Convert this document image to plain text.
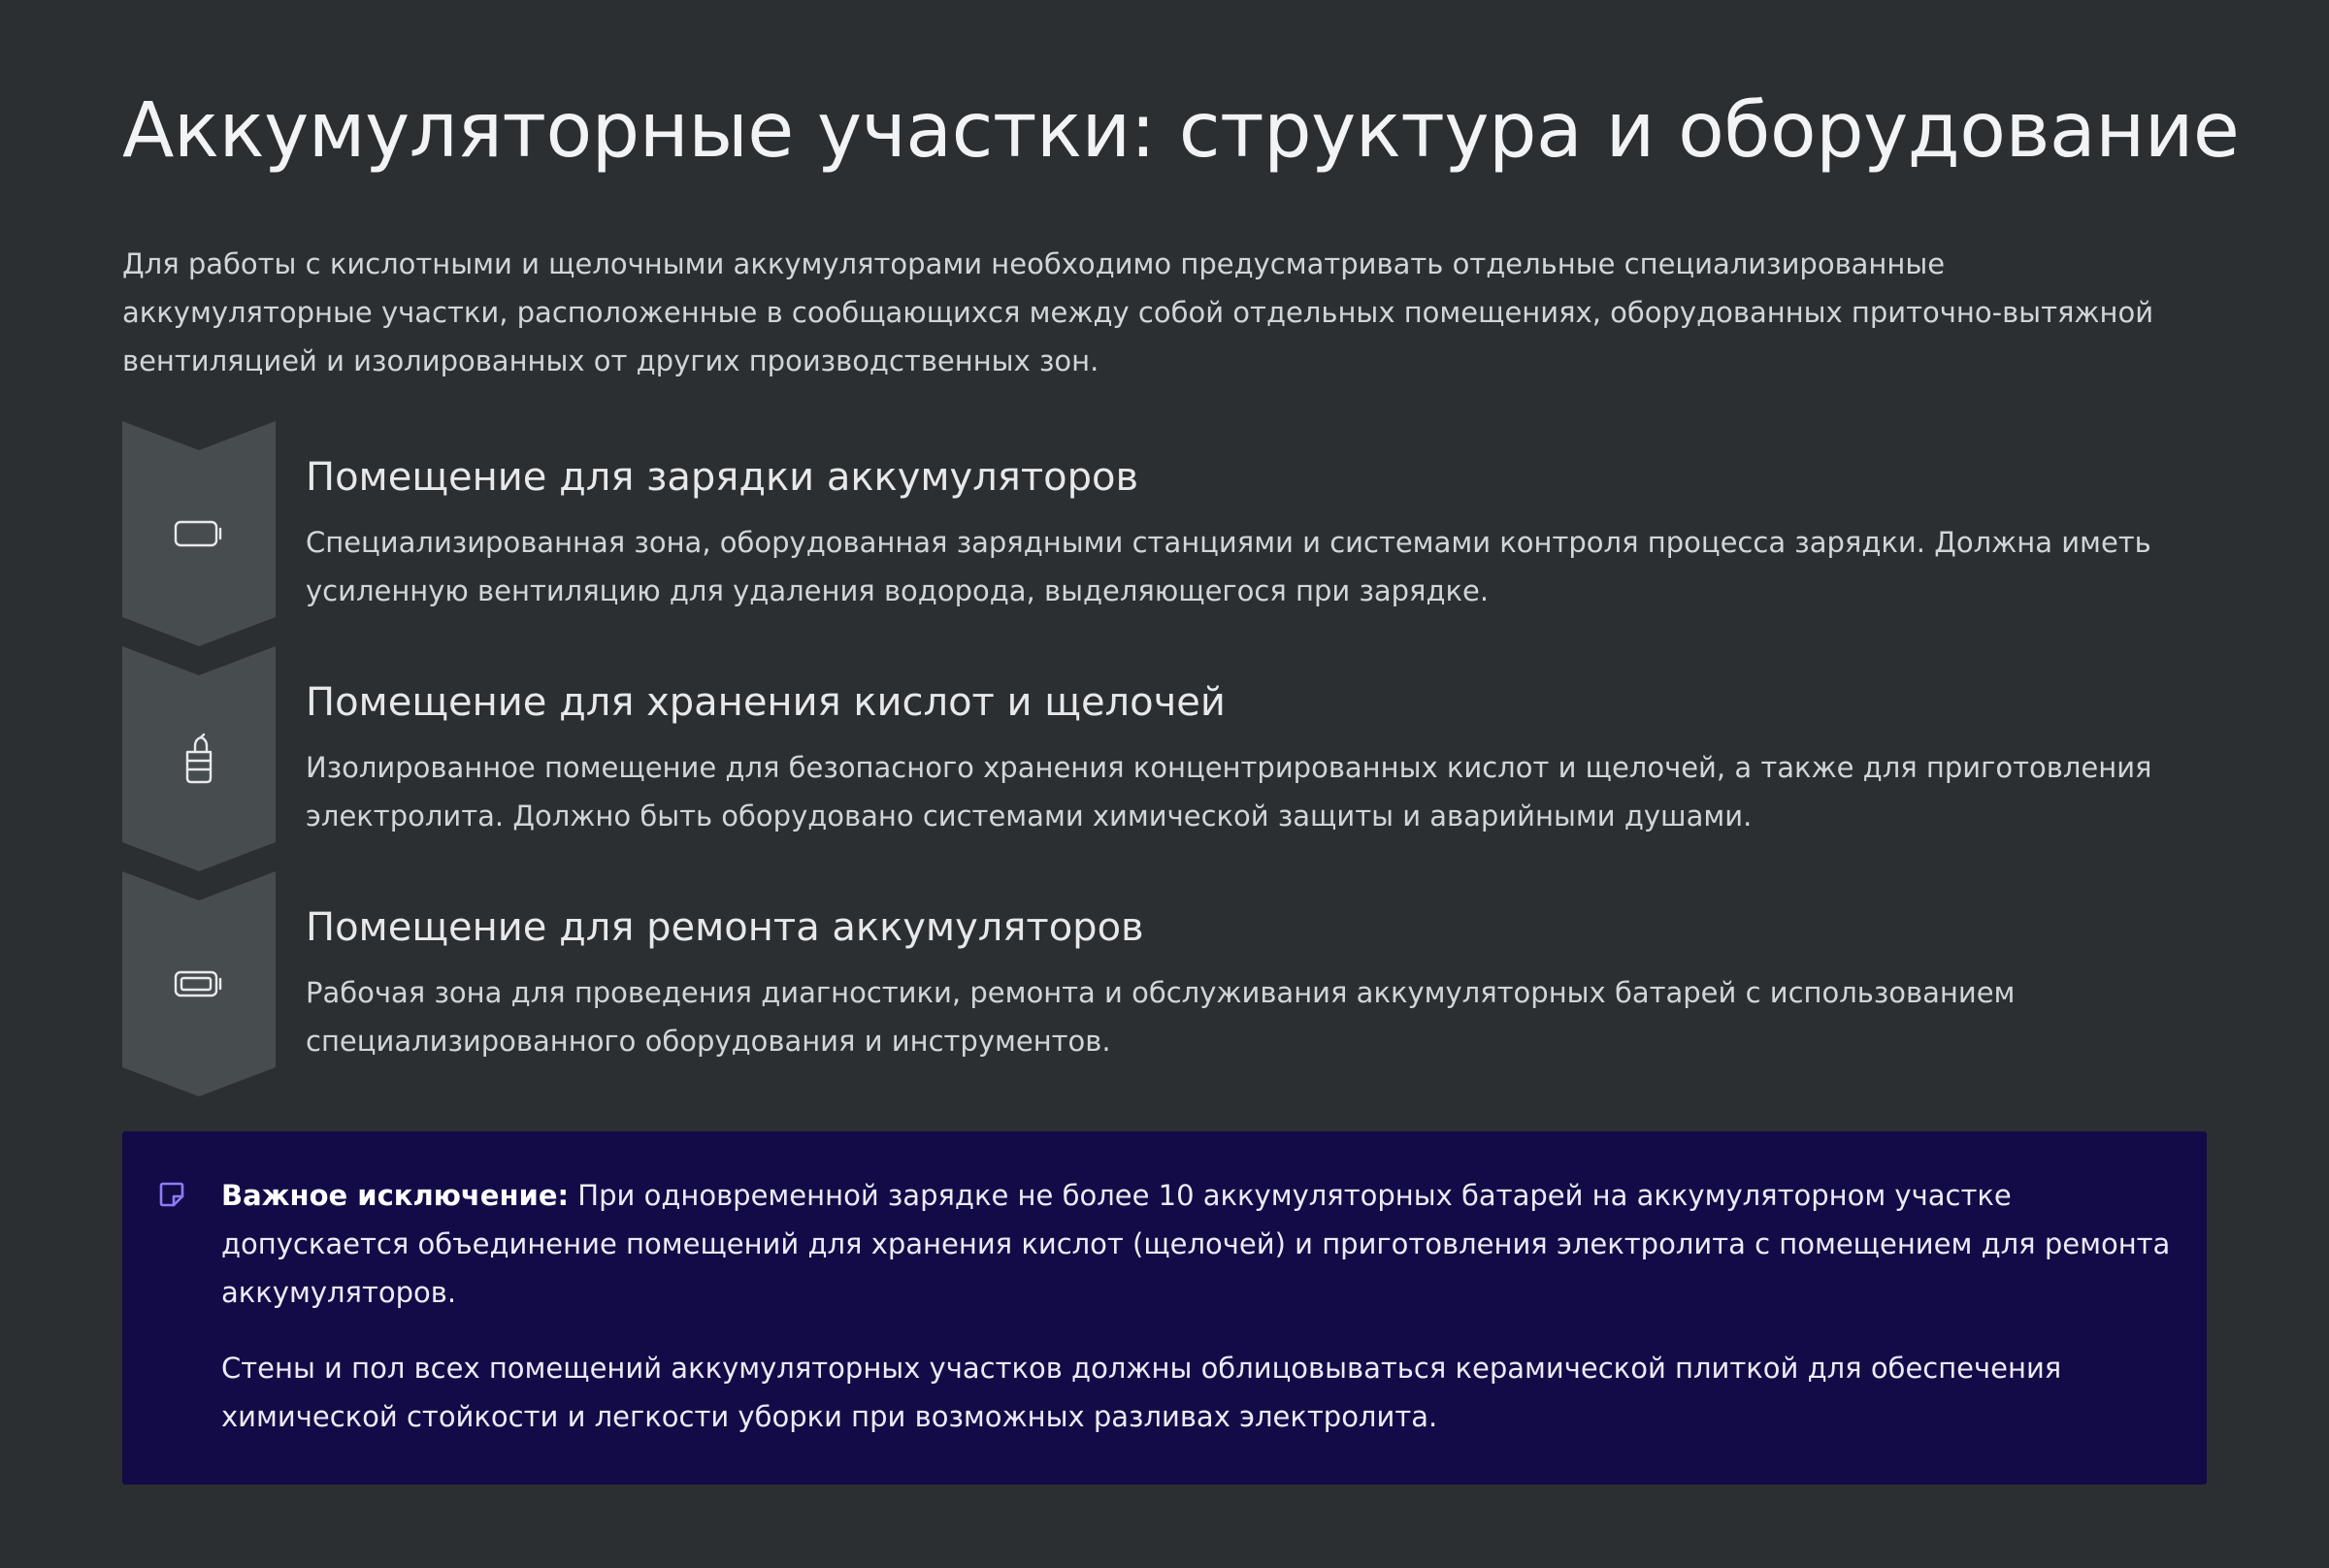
Аккумуляторные участки: структура и оборудование

Для работы с кислотными и щелочными аккумуляторами необходимо предусматривать отдельные специализированные аккумуляторные участки, расположенные в сообщающихся между собой отдельных помещениях, оборудованных приточно-вытяжной вентиляцией и изолированных от других производственных зон.

Помещение для зарядки аккумуляторов

Специализированная зона, оборудованная зарядными станциями и системами контроля процесса зарядки. Должна иметь усиленную вентиляцию для удаления водорода, выделяющегося при зарядке.

Помещение для хранения кислот и щелочей

Изолированное помещение для безопасного хранения концентрированных кислот и щелочей, а также для приготовления электролита. Должно быть оборудовано системами химической защиты и аварийными душами.

Помещение для ремонта аккумуляторов

Рабочая зона для проведения диагностики, ремонта и обслуживания аккумуляторных батарей с использованием специализированного оборудования и инструментов.

Важное исключение: При одновременной зарядке не более 10 аккумуляторных батарей на аккумуляторном участке допускается объединение помещений для хранения кислот (щелочей) и приготовления электролита с помещением для ремонта аккумуляторов.

Стены и пол всех помещений аккумуляторных участков должны облицовываться керамической плиткой для обеспечения химической стойкости и легкости уборки при возможных разливах электролита.
